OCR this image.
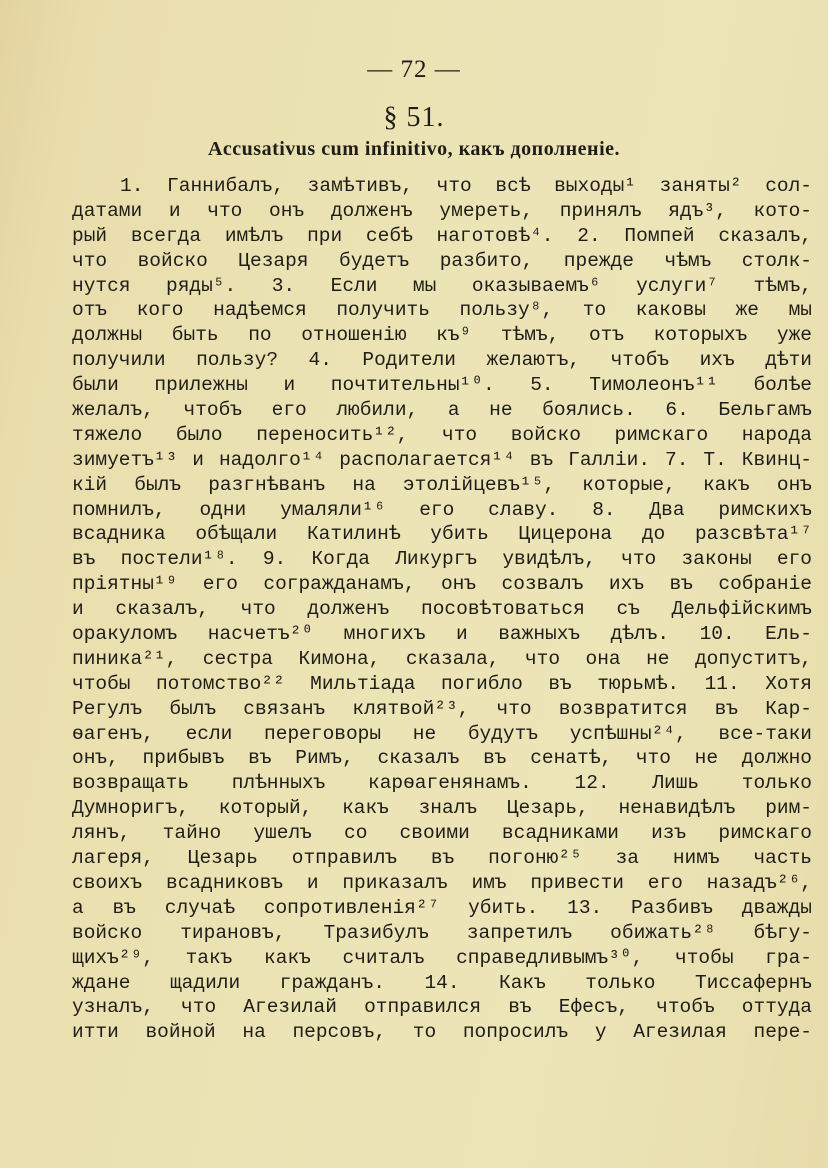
— 72 —
§ 51.
Accusativus cum infinitivo, какъ дополненіе.
1. Ганнибалъ, замѣтивъ, что всѣ выходы¹ заняты² сол-
датами и что онъ долженъ умереть, принялъ ядъ³, кото-
рый всегда имѣлъ при себѣ наготовѣ⁴. 2. Помпей сказалъ,
что войско Цезаря будетъ разбито, прежде чѣмъ столк-
нутся ряды⁵. 3. Если мы оказываемъ⁶ услуги⁷ тѣмъ,
отъ кого надѣемся получить пользу⁸, то каковы же мы
должны быть по отношенію къ⁹ тѣмъ, отъ которыхъ уже
получили пользу? 4. Родители желаютъ, чтобъ ихъ дѣти
были прилежны и почтительны¹⁰. 5. Тимолеонъ¹¹ болѣе
желалъ, чтобъ его любили, а не боялись. 6. Бельгамъ
тяжело было переносить¹², что войско римскаго народа
зимуетъ¹³ и надолго¹⁴ располагается¹⁴ въ Галліи. 7. Т. Квинц-
кій былъ разгнѣванъ на этолійцевъ¹⁵, которые, какъ онъ
помнилъ, одни умаляли¹⁶ его славу. 8. Два римскихъ
всадника обѣщали Катилинѣ убить Цицерона до разсвѣта¹⁷
въ постели¹⁸. 9. Когда Ликургъ увидѣлъ, что законы его
пріятны¹⁹ его согражданамъ, онъ созвалъ ихъ въ собраніе
и сказалъ, что долженъ посовѣтоваться съ Дельфійскимъ
оракуломъ насчетъ²⁰ многихъ и важныхъ дѣлъ. 10. Ель-
пиника²¹, сестра Кимона, сказала, что она не допуститъ,
чтобы потомство²² Мильтіада погибло въ тюрьмѣ. 11. Хотя
Регулъ былъ связанъ клятвой²³, что возвратится въ Кар-
ѳагенъ, если переговоры не будутъ успѣшны²⁴, все-таки
онъ, прибывъ въ Римъ, сказалъ въ сенатѣ, что не должно
возвращать плѣнныхъ карѳагенянамъ. 12. Лишь только
Думноригъ, который, какъ зналъ Цезарь, ненавидѣлъ рим-
лянъ, тайно ушелъ со своими всадниками изъ римскаго
лагеря, Цезарь отправилъ въ погоню²⁵ за нимъ часть
своихъ всадниковъ и приказалъ имъ привести его назадъ²⁶,
а въ случаѣ сопротивленія²⁷ убить. 13. Разбивъ дважды
войско тирановъ, Тразибулъ запретилъ обижать²⁸ бѣгу-
щихъ²⁹, такъ какъ считалъ справедливымъ³⁰, чтобы гра-
ждане щадили гражданъ. 14. Какъ только Тиссафернъ
узналъ, что Агезилай отправился въ Ефесъ, чтобъ оттуда
итти войной на персовъ, то попросилъ у Агезилая пере-
